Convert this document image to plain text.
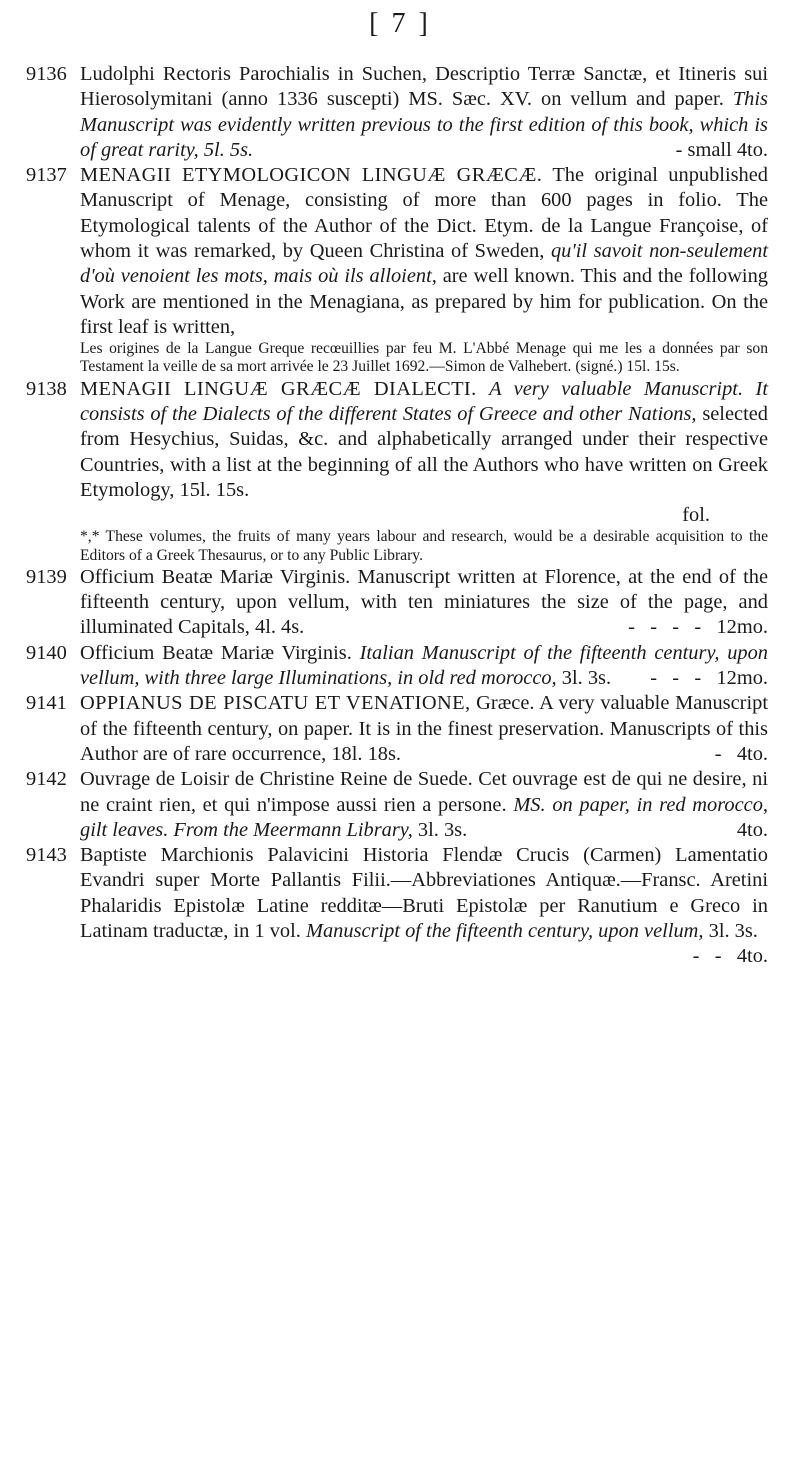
[ 7 ]
9136 Ludolphi Rectoris Parochialis in Suchen, Descriptio Terræ Sanctæ, et Itineris sui Hierosolymitani (anno 1336 suscepti) MS. Sæc. XV. on vellum and paper. This Manuscript was evidently written previous to the first edition of this book, which is of great rarity, 5l. 5s.	- small 4to.

9137 MENAGII ETYMOLOGICON LINGUÆ GRÆCÆ. The original unpublished Manuscript of Menage, consisting of more than 600 pages in folio. The Etymological talents of the Author of the Dict. Etym. de la Langue Françoise, of whom it was remarked, by Queen Christina of Sweden, qu'il savoit non-seulement d'où venoient les mots, mais où ils alloient, are well known. This and the following Work are mentioned in the Menagiana, as prepared by him for publication. On the first leaf is written,

Les origines de la Langue Greque recœuillies par feu M. L'Abbé Menage qui me les a données par son Testament la veille de sa mort arrivée le 23 Juillet 1692.—Simon de Valhebert. (signé.) 15l. 15s.

9138 MENAGII LINGUÆ GRÆCÆ DIALECTI. A very valuable Manuscript. It consists of the Dialects of the different States of Greece and other Nations, selected from Hesychius, Suidas, &c. and alphabetically arranged under their respective Countries, with a list at the beginning of all the Authors who have written on Greek Etymology, 15l. 15s.

fol.

*,* These volumes, the fruits of many years labour and research, would be a desirable acquisition to the Editors of a Greek Thesaurus, or to any Public Library.

9139 Officium Beatæ Mariæ Virginis. Manuscript written at Florence, at the end of the fifteenth century, upon vellum, with ten miniatures the size of the page, and illuminated Capitals, 4l. 4s.	-   -   -   -   12mo.

9140 Officium Beatæ Mariæ Virginis. Italian Manuscript of the fifteenth century, upon vellum, with three large Illuminations, in old red morocco, 3l. 3s. -   -   -   12mo.

9141 OPPIANUS DE PISCATU ET VENATIONE, Græce. A very valuable Manuscript of the fifteenth century, on paper. It is in the finest preservation. Manuscripts of this Author are of rare occurrence, 18l. 18s.	-   4to.

9142 Ouvrage de Loisir de Christine Reine de Suede. Cet ouvrage est de qui ne desire, ni ne craint rien, et qui n'impose aussi rien a persone. MS. on paper, in red morocco, gilt leaves. From the Meermann Library, 3l. 3s.	4to.

9143 Baptiste Marchionis Palavicini Historia Flendæ Crucis (Carmen) Lamentatio Evandri super Morte Pallantis Filii.—Abbreviationes Antiquæ.—Fransc. Aretini Phalaridis Epistolæ Latine redditæ—Bruti Epistolæ per Ranutium e Greco in Latinam traductæ, in 1 vol. Manuscript of the fifteenth century, upon vellum, 3l. 3s.
-   -   4to.
